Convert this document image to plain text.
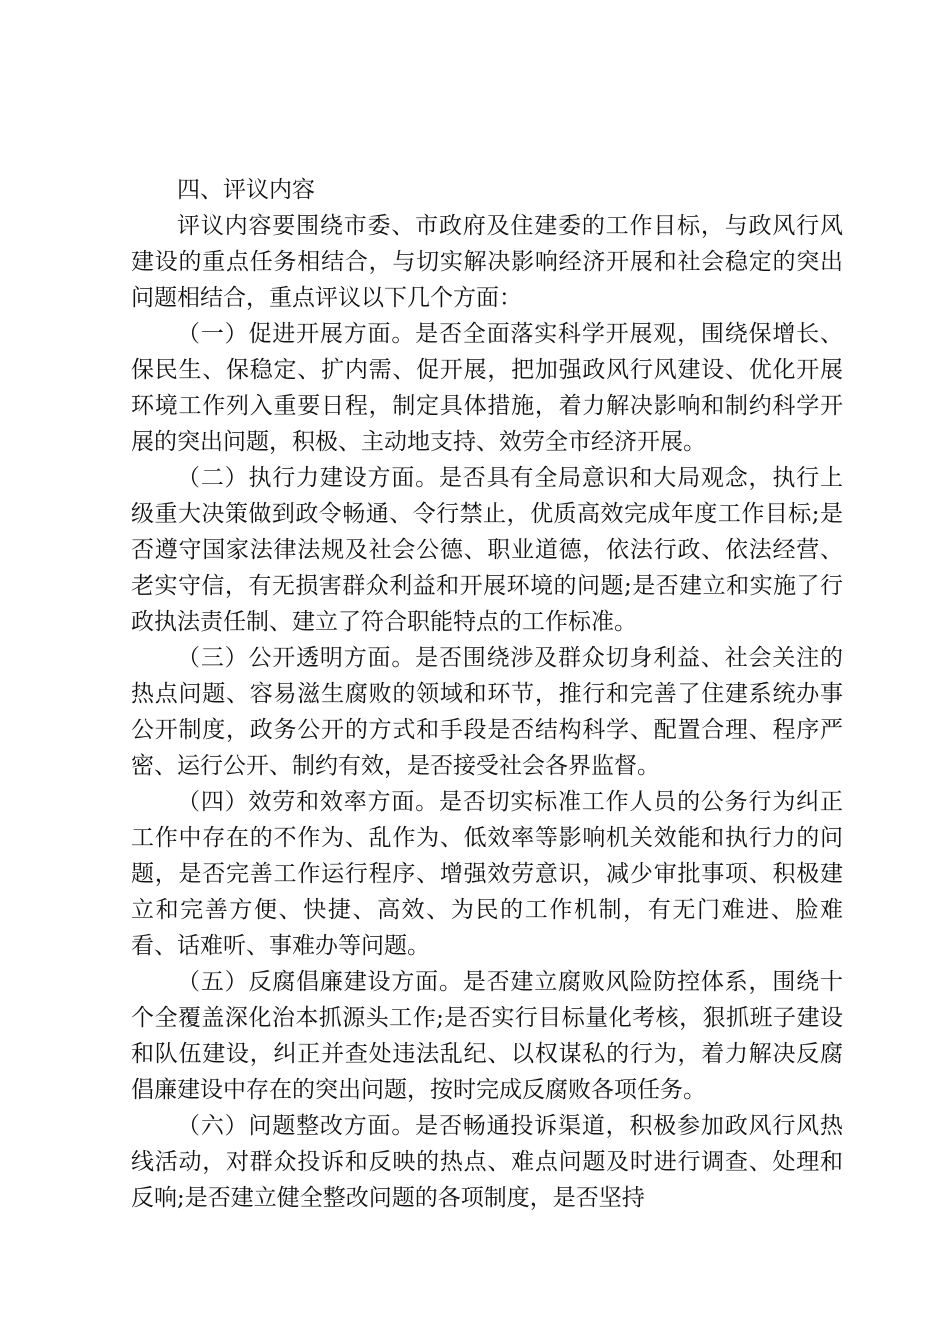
四、评议内容

评议内容要围绕市委、市政府及住建委的工作目标，与政风行风建设的重点任务相结合，与切实解决影响经济开展和社会稳定的突出问题相结合，重点评议以下几个方面：

（一）促进开展方面。是否全面落实科学开展观，围绕保增长、保民生、保稳定、扩内需、促开展，把加强政风行风建设、优化开展环境工作列入重要日程，制定具体措施，着力解决影响和制约科学开展的突出问题，积极、主动地支持、效劳全市经济开展。

（二）执行力建设方面。是否具有全局意识和大局观念，执行上级重大决策做到政令畅通、令行禁止，优质高效完成年度工作目标;是否遵守国家法律法规及社会公德、职业道德，依法行政、依法经营、老实守信，有无损害群众利益和开展环境的问题;是否建立和实施了行政执法责任制、建立了符合职能特点的工作标准。

（三）公开透明方面。是否围绕涉及群众切身利益、社会关注的热点问题、容易滋生腐败的领域和环节，推行和完善了住建系统办事公开制度，政务公开的方式和手段是否结构科学、配置合理、程序严密、运行公开、制约有效，是否接受社会各界监督。

（四）效劳和效率方面。是否切实标准工作人员的公务行为纠正工作中存在的不作为、乱作为、低效率等影响机关效能和执行力的问题，是否完善工作运行程序、增强效劳意识，减少审批事项、积极建立和完善方便、快捷、高效、为民的工作机制，有无门难进、脸难看、话难听、事难办等问题。

（五）反腐倡廉建设方面。是否建立腐败风险防控体系，围绕十个全覆盖深化治本抓源头工作;是否实行目标量化考核，狠抓班子建设和队伍建设，纠正并查处违法乱纪、以权谋私的行为，着力解决反腐倡廉建设中存在的突出问题，按时完成反腐败各项任务。

（六）问题整改方面。是否畅通投诉渠道，积极参加政风行风热线活动，对群众投诉和反映的热点、难点问题及时进行调查、处理和反响;是否建立健全整改问题的各项制度，是否坚持
